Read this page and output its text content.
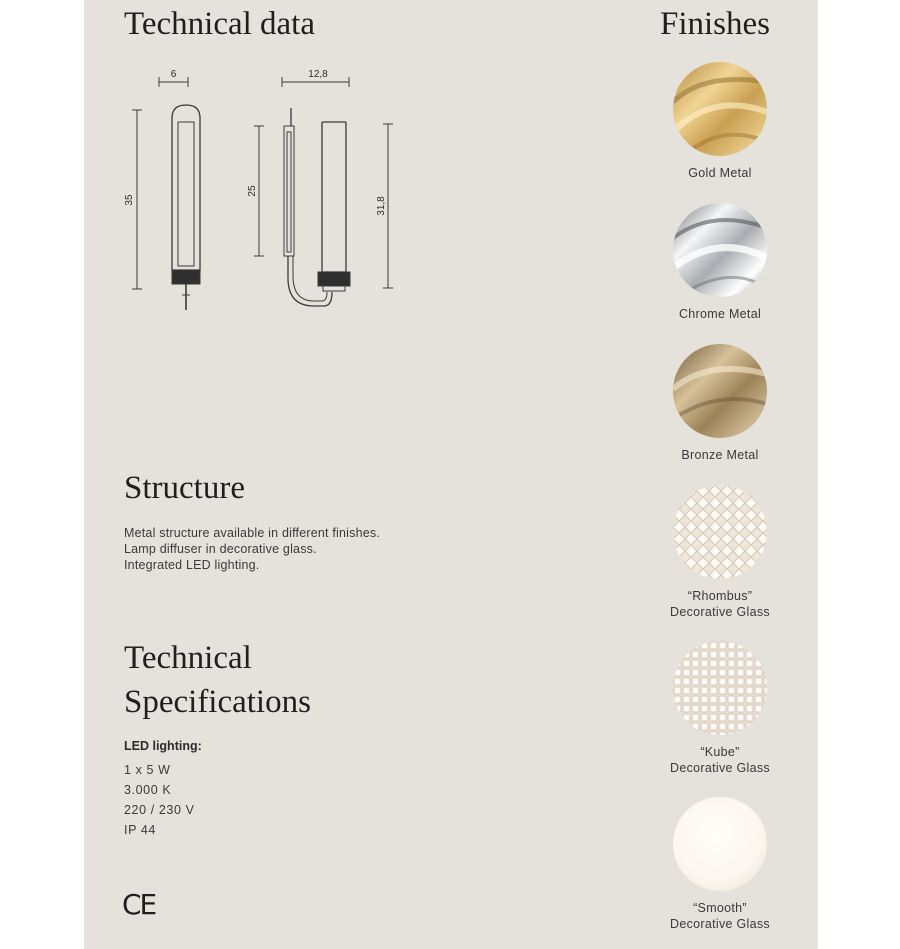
Technical data	Finishes
6
35
12,8
25
31,8
Structure
Metal structure available in different finishes.
Lamp diffuser in decorative glass.
Integrated LED lighting.
Technical
Specifications
LED lighting:
1 x 5 W
3.000 K
220 / 230 V
IP 44
CE
Gold Metal
Chrome Metal
Bronze Metal
“Rhombus”
Decorative Glass
“Kube”
Decorative Glass
“Smooth”
Decorative Glass
